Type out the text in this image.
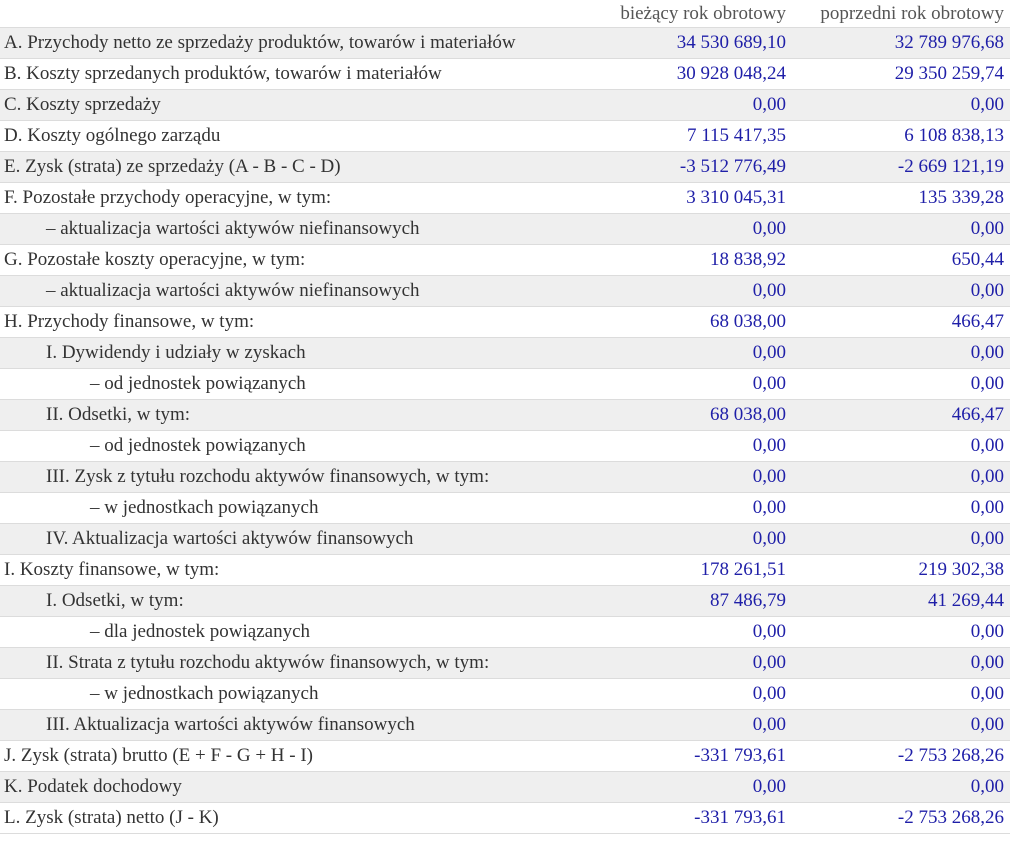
	bieżący rok obrotowy	poprzedni rok obrotowy
A. Przychody netto ze sprzedaży produktów, towarów i materiałów	34 530 689,10	32 789 976,68
B. Koszty sprzedanych produktów, towarów i materiałów	30 928 048,24	29 350 259,74
C. Koszty sprzedaży	0,00	0,00
D. Koszty ogólnego zarządu	7 115 417,35	6 108 838,13
E. Zysk (strata) ze sprzedaży (A - B - C - D)	-3 512 776,49	-2 669 121,19
F. Pozostałe przychody operacyjne, w tym:	3 310 045,31	135 339,28
– aktualizacja wartości aktywów niefinansowych	0,00	0,00
G. Pozostałe koszty operacyjne, w tym:	18 838,92	650,44
– aktualizacja wartości aktywów niefinansowych	0,00	0,00
H. Przychody finansowe, w tym:	68 038,00	466,47
I. Dywidendy i udziały w zyskach	0,00	0,00
– od jednostek powiązanych	0,00	0,00
II. Odsetki, w tym:	68 038,00	466,47
– od jednostek powiązanych	0,00	0,00
III. Zysk z tytułu rozchodu aktywów finansowych, w tym:	0,00	0,00
– w jednostkach powiązanych	0,00	0,00
IV. Aktualizacja wartości aktywów finansowych	0,00	0,00
I. Koszty finansowe, w tym:	178 261,51	219 302,38
I. Odsetki, w tym:	87 486,79	41 269,44
– dla jednostek powiązanych	0,00	0,00
II. Strata z tytułu rozchodu aktywów finansowych, w tym:	0,00	0,00
– w jednostkach powiązanych	0,00	0,00
III. Aktualizacja wartości aktywów finansowych	0,00	0,00
J. Zysk (strata) brutto (E + F - G + H - I)	-331 793,61	-2 753 268,26
K. Podatek dochodowy	0,00	0,00
L. Zysk (strata) netto (J - K)	-331 793,61	-2 753 268,26
